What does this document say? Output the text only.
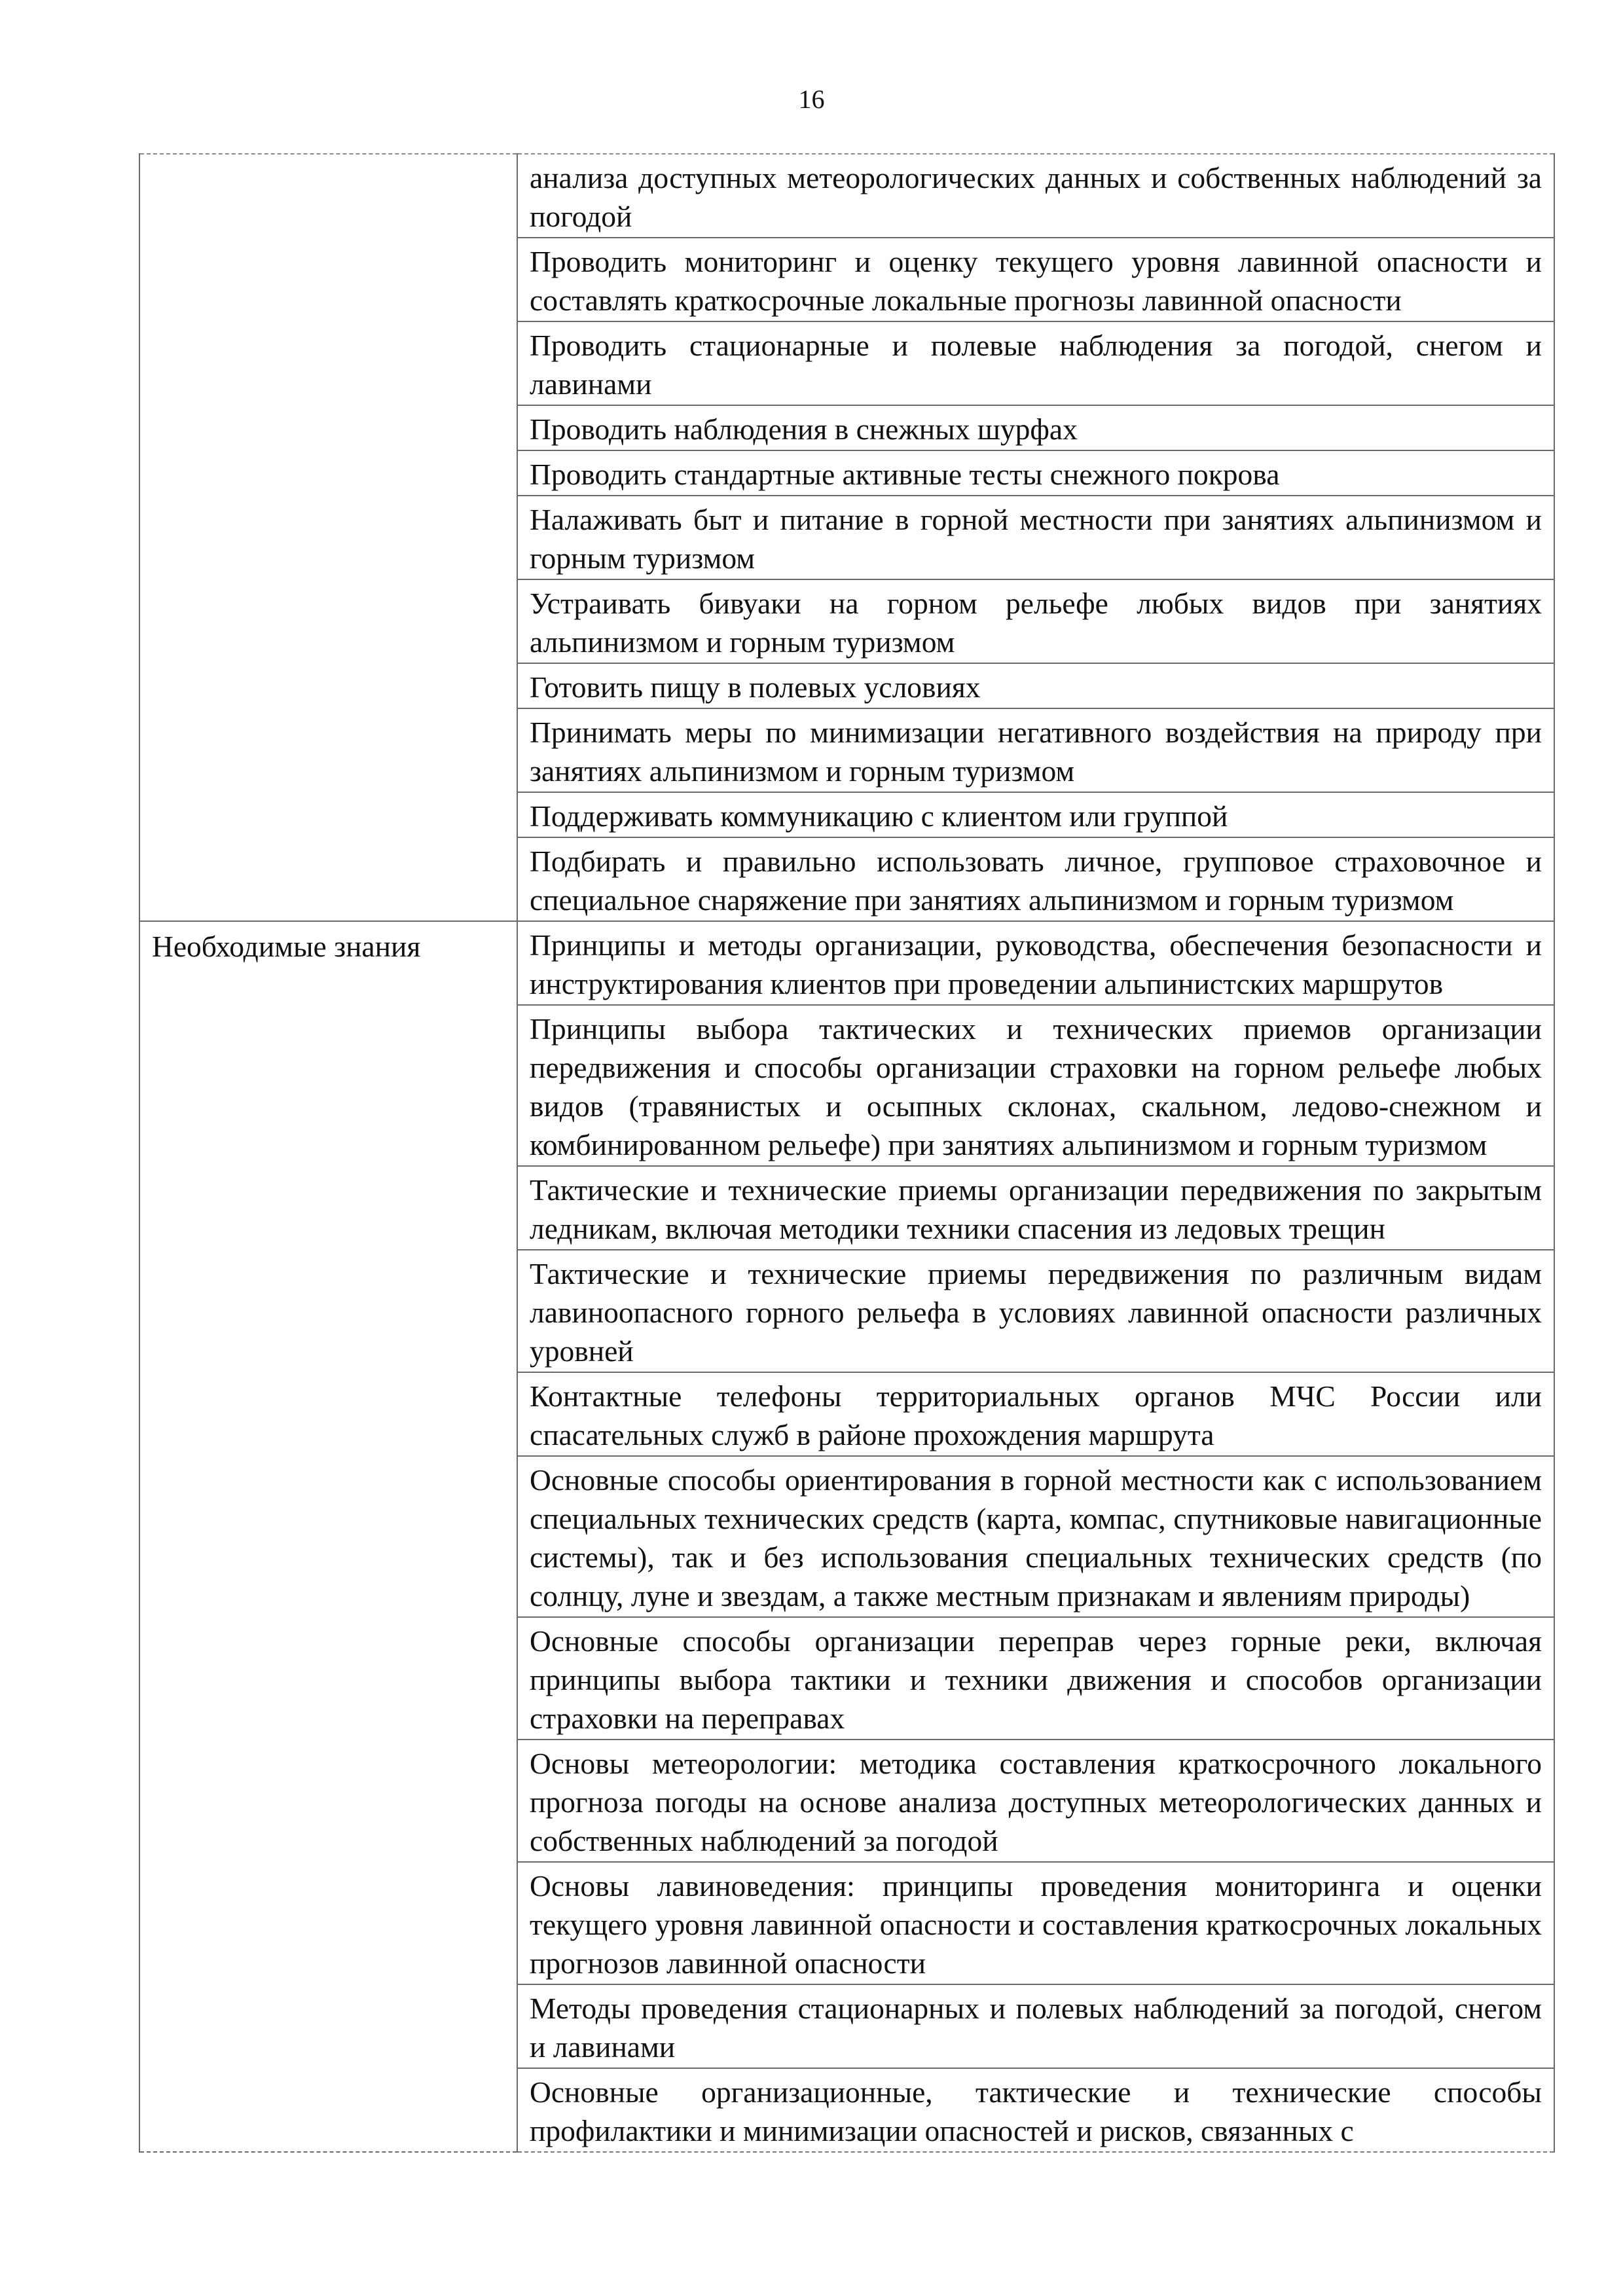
16
	анализа доступных метеорологических данных и собственных наблюдений за погодой
	Проводить мониторинг и оценку текущего уровня лавинной опасности и составлять краткосрочные локальные прогнозы лавинной опасности
	Проводить стационарные и полевые наблюдения за погодой, снегом и лавинами
	Проводить наблюдения в снежных шурфах
	Проводить стандартные активные тесты снежного покрова
	Налаживать быт и питание в горной местности при занятиях альпинизмом и горным туризмом
	Устраивать бивуаки на горном рельефе любых видов при занятиях альпинизмом и горным туризмом
	Готовить пищу в полевых условиях
	Принимать меры по минимизации негативного воздействия на природу при занятиях альпинизмом и горным туризмом
	Поддерживать коммуникацию с клиентом или группой
	Подбирать и правильно использовать личное, групповое страховочное и специальное снаряжение при занятиях альпинизмом и горным туризмом
Необходимые знания	Принципы и методы организации, руководства, обеспечения безопасности и инструктирования клиентов при проведении альпинистских маршрутов
	Принципы выбора тактических и технических приемов организации передвижения и способы организации страховки на горном рельефе любых видов (травянистых и осыпных склонах, скальном, ледово-снежном и комбинированном рельефе) при занятиях альпинизмом и горным туризмом
	Тактические и технические приемы организации передвижения по закрытым ледникам, включая методики техники спасения из ледовых трещин
	Тактические и технические приемы передвижения по различным видам лавиноопасного горного рельефа в условиях лавинной опасности различных уровней
	Контактные телефоны территориальных органов МЧС России или спасательных служб в районе прохождения маршрута
	Основные способы ориентирования в горной местности как с использованием специальных технических средств (карта, компас, спутниковые навигационные системы), так и без использования специальных технических средств (по солнцу, луне и звездам, а также местным признакам и явлениям природы)
	Основные способы организации переправ через горные реки, включая принципы выбора тактики и техники движения и способов организации страховки на переправах
	Основы метеорологии: методика составления краткосрочного локального прогноза погоды на основе анализа доступных метеорологических данных и собственных наблюдений за погодой
	Основы лавиноведения: принципы проведения мониторинга и оценки текущего уровня лавинной опасности и составления краткосрочных локальных прогнозов лавинной опасности
	Методы проведения стационарных и полевых наблюдений за погодой, снегом и лавинами
	Основные организационные, тактические и технические способы профилактики и минимизации опасностей и рисков, связанных с
